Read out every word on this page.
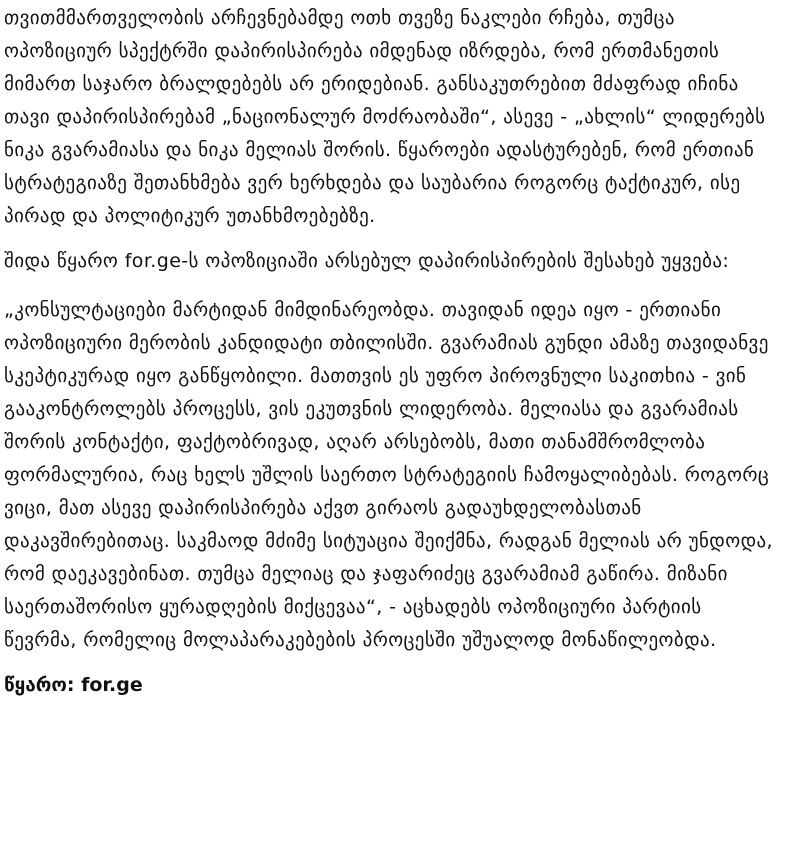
თვითმმართველობის არჩევნებამდე ოთხ თვეზე ნაკლები რჩება, თუმცა ოპოზიციურ სპექტრში დაპირისპირება იმდენად იზრდება, რომ ერთმანეთის მიმართ საჯარო ბრალდებებს არ ერიდებიან. განსაკუთრებით მძაფრად იჩინა თავი დაპირისპირებამ „ნაციონალურ მოძრაობაში“, ასევე - „ახლის“ ლიდერებს ნიკა გვარამიასა და ნიკა მელიას შორის. წყაროები ადასტურებენ, რომ ერთიან სტრატეგიაზე შეთანხმება ვერ ხერხდება და საუბარია როგორც ტაქტიკურ, ისე პირად და პოლიტიკურ უთანხმოებებზე.

შიდა წყარო for.ge-ს ოპოზიციაში არსებულ დაპირისპირების შესახებ უყვება:

„კონსულტაციები მარტიდან მიმდინარეობდა. თავიდან იდეა იყო - ერთიანი ოპოზიციური მერობის კანდიდატი თბილისში. გვარამიას გუნდი ამაზე თავიდანვე სკეპტიკურად იყო განწყობილი. მათთვის ეს უფრო პიროვნული საკითხია - ვინ გააკონტროლებს პროცესს, ვის ეკუთვნის ლიდერობა. მელიასა და გვარამიას შორის კონტაქტი, ფაქტობრივად, აღარ არსებობს, მათი თანამშრომლობა ფორმალურია, რაც ხელს უშლის საერთო სტრატეგიის ჩამოყალიბებას. როგორც ვიცი, მათ ასევე დაპირისპირება აქვთ გირაოს გადაუხდელობასთან დაკავშირებითაც. საკმაოდ მძიმე სიტუაცია შეიქმნა, რადგან მელიას არ უნდოდა, რომ დაეკავებინათ. თუმცა მელიაც და ჯაფარიძეც გვარამიამ გაწირა. მიზანი საერთაშორისო ყურადღების მიქცევაა“, - აცხადებს ოპოზიციური პარტიის წევრმა, რომელიც მოლაპარაკებების პროცესში უშუალოდ მონაწილეობდა.

წყარო: for.ge
